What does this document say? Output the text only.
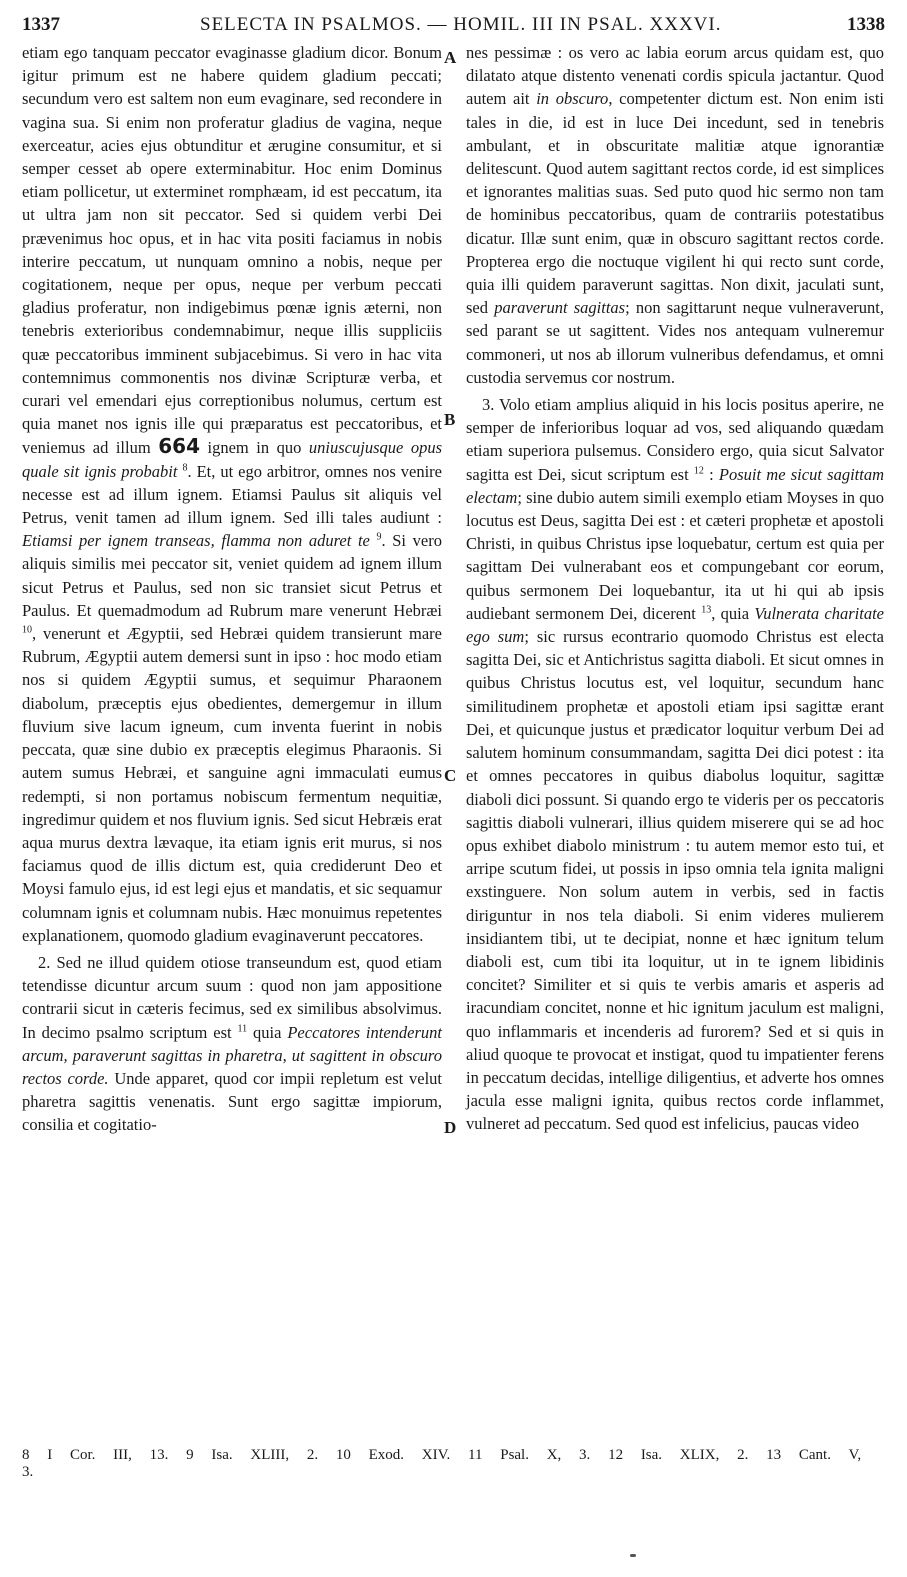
1337	SELECTA IN PSALMOS. — HOMIL. III IN PSAL. XXXVI.	1338

etiam ego tanquam peccator evaginasse gladium dicor. Bonum igitur primum est ne habere quidem gladium peccati; secundum vero est saltem non eum evaginare, sed recondere in vagina sua. Si enim non proferatur gladius de vagina, neque exerceatur, acies ejus obtunditur et ærugine consumitur, et si semper cesset ab opere exterminabitur. Hoc enim Dominus etiam pollicetur, ut exterminet romphæam, id est peccatum, ita ut ultra jam non sit peccator. Sed si quidem verbi Dei prævenimus hoc opus, et in hac vita positi faciamus in nobis interire peccatum, ut nunquam omnino a nobis, neque per cogitationem, neque per opus, neque per verbum peccati gladius proferatur, non indigebimus pœnæ ignis æterni, non tenebris exterioribus condemnabimur, neque illis suppliciis quæ peccatoribus imminent subjacebimus. Si vero in hac vita contemnimus commonentis nos divinæ Scripturæ verba, et curari vel emendari ejus correptionibus nolumus, certum est quia manet nos ignis ille qui præparatus est peccatoribus, et veniemus ad illum 664 ignem in quo uniuscujusque opus quale sit ignis probabit $^8$. Et, ut ego arbitror, omnes nos venire necesse est ad illum ignem. Etiamsi Paulus sit aliquis vel Petrus, venit tamen ad illum ignem. Sed illi tales audiunt : Etiamsi per ignem transeas, flamma non aduret te $^9$. Si vero aliquis similis mei peccator sit, veniet quidem ad ignem illum sicut Petrus et Paulus, sed non sic transiet sicut Petrus et Paulus. Et quemadmodum ad Rubrum mare venerunt Hebræi $^{10}$, venerunt et Ægyptii, sed Hebræi quidem transierunt mare Rubrum, Ægyptii autem demersi sunt in ipso : hoc modo etiam nos si quidem Ægyptii sumus, et sequimur Pharaonem diabolum, præceptis ejus obedientes, demergemur in illum fluvium sive lacum igneum, cum inventa fuerint in nobis peccata, quæ sine dubio ex præceptis elegimus Pharaonis. Si autem sumus Hebræi, et sanguine agni immaculati eumus redempti, si non portamus nobiscum fermentum nequitiæ, ingredimur quidem et nos fluvium ignis. Sed sicut Hebræis erat aqua murus dextra lævaque, ita etiam ignis erit murus, si nos faciamus quod de illis dictum est, quia crediderunt Deo et Moysi famulo ejus, id est legi ejus et mandatis, et sic sequamur columnam ignis et columnam nubis. Hæc monuimus repetentes explanationem, quomodo gladium evaginaverunt peccatores.

2. Sed ne illud quidem otiose transeundum est, quod etiam tetendisse dicuntur arcum suum : quod non jam appositione contrarii sicut in cæteris fecimus, sed ex similibus absolvimus. In decimo psalmo scriptum est $^{11}$ quia Peccatores intenderunt arcum, paraverunt sagittas in pharetra, ut sagittent in obscuro rectos corde. Unde apparet, quod cor impii repletum est velut pharetra sagittis venenatis. Sunt ergo sagittæ impiorum, consilia et cogitatio-

A
B
C
D

nes pessimæ : os vero ac labia eorum arcus quidam est, quo dilatato atque distento venenati cordis spicula jactantur. Quod autem ait in obscuro, competenter dictum est. Non enim isti tales in die, id est in luce Dei incedunt, sed in tenebris ambulant, et in obscuritate malitiæ atque ignorantiæ delitescunt. Quod autem sagittant rectos corde, id est simplices et ignorantes malitias suas. Sed puto quod hic sermo non tam de hominibus peccatoribus, quam de contrariis potestatibus dicatur. Illæ sunt enim, quæ in obscuro sagittant rectos corde. Propterea ergo die noctuque vigilent hi qui recto sunt corde, quia illi quidem paraverunt sagittas. Non dixit, jaculati sunt, sed paraverunt sagittas; non sagittarunt neque vulneraverunt, sed parant se ut sagittent. Vides nos antequam vulneremur commoneri, ut nos ab illorum vulneribus defendamus, et omni custodia servemus cor nostrum.

3. Volo etiam amplius aliquid in his locis positus aperire, ne semper de inferioribus loquar ad vos, sed aliquando quædam etiam superiora pulsemus. Considero ergo, quia sicut Salvator sagitta est Dei, sicut scriptum est $^{12}$ : Posuit me sicut sagittam electam; sine dubio autem simili exemplo etiam Moyses in quo locutus est Deus, sagitta Dei est : et cæteri prophetæ et apostoli Christi, in quibus Christus ipse loquebatur, certum est quia per sagittam Dei vulnerabant eos et compungebant cor eorum, quibus sermonem Dei loquebantur, ita ut hi qui ab ipsis audiebant sermonem Dei, dicerent $^{13}$, quia Vulnerata charitate ego sum; sic rursus econtrario quomodo Christus est electa sagitta Dei, sic et Antichristus sagitta diaboli. Et sicut omnes in quibus Christus locutus est, vel loquitur, secundum hanc similitudinem prophetæ et apostoli etiam ipsi sagittæ erant Dei, et quicunque justus et prædicator loquitur verbum Dei ad salutem hominum consummandam, sagitta Dei dici potest : ita et omnes peccatores in quibus diabolus loquitur, sagittæ diaboli dici possunt. Si quando ergo te videris per os peccatoris sagittis diaboli vulnerari, illius quidem miserere qui se ad hoc opus exhibet diabolo ministrum : tu autem memor esto tui, et arripe scutum fidei, ut possis in ipso omnia tela ignita maligni exstinguere. Non solum autem in verbis, sed in factis diriguntur in nos tela diaboli. Si enim videres mulierem insidiantem tibi, ut te decipiat, nonne et hæc ignitum telum diaboli est, cum tibi ita loquitur, ut in te ignem libidinis concitet? Similiter et si quis te verbis amaris et asperis ad iracundiam concitet, nonne et hic ignitum jaculum est maligni, quo inflammaris et incenderis ad furorem? Sed et si quis in aliud quoque te provocat et instigat, quod tu impatienter ferens in peccatum decidas, intellige diligentius, et adverte hos omnes jacula esse maligni ignita, quibus rectos corde inflammet, vulneret ad peccatum. Sed quod est infelicius, paucas video

8 I Cor. III, 13. 9 Isa. XLIII, 2. 10 Exod. XIV. 11 Psal. X, 3. 12 Isa. XLIX, 2. 13 Cant. V, 3.
